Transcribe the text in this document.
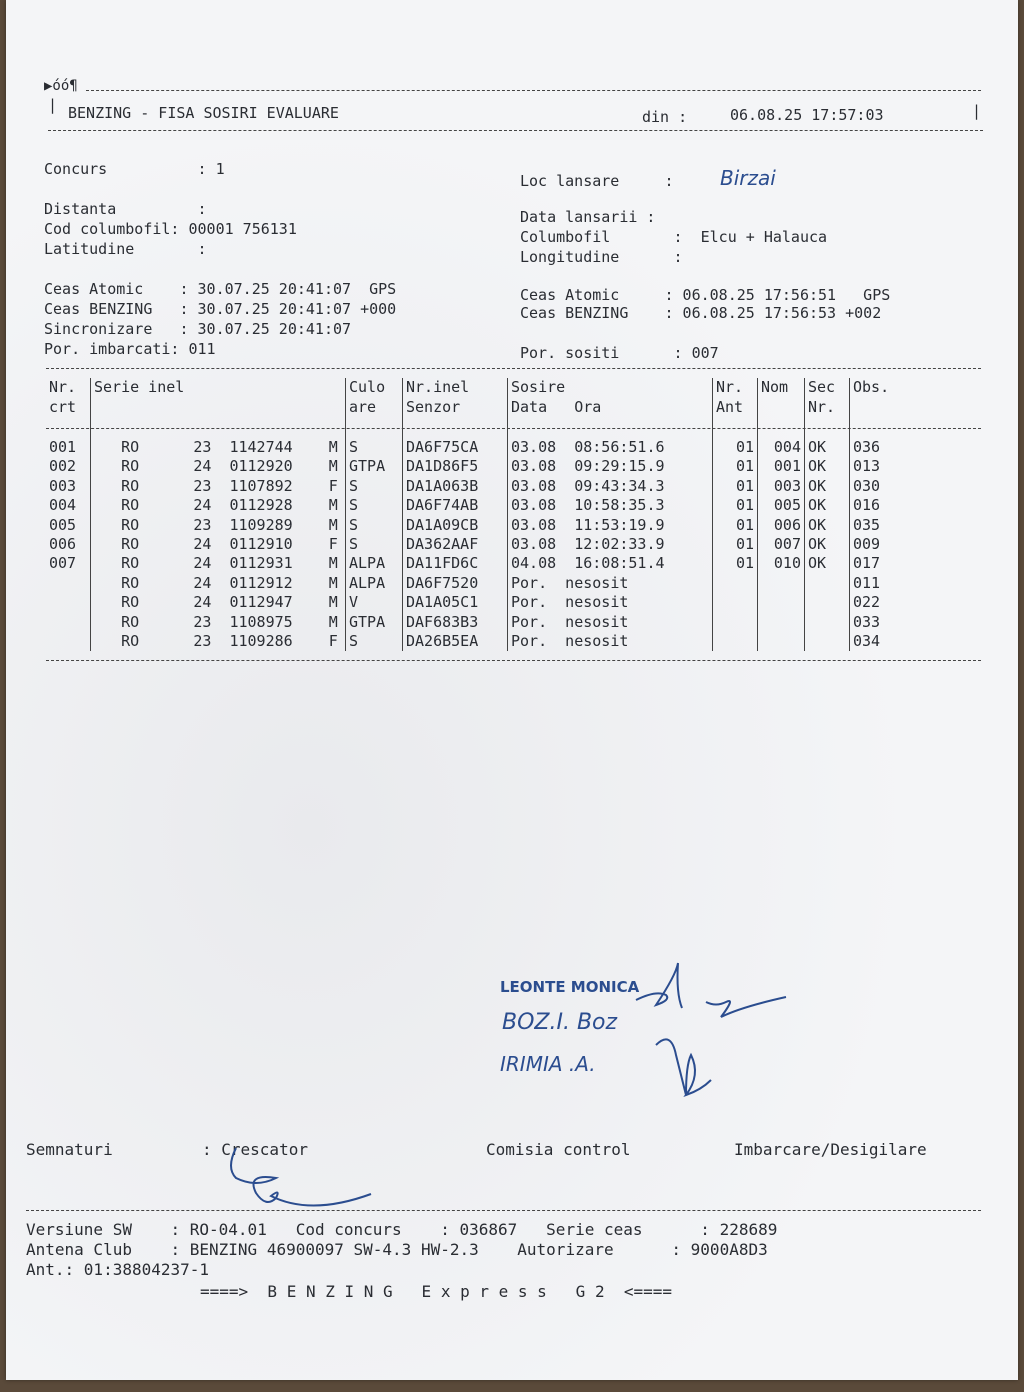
▶óó¶
| BENZING - FISA SOSIRI EVALUARE	din :	06.08.25 17:57:03	|
Concurs          : 1
Distanta         :
Cod columbofil: 00001 756131
Latitudine       :
Ceas Atomic    : 30.07.25 20:41:07  GPS
Ceas BENZING   : 30.07.25 20:41:07 +000
Sincronizare   : 30.07.25 20:41:07
Por. imbarcati: 011
Loc lansare     : Birzai
Data lansarii :
Columbofil       :  Elcu + Halauca
Longitudine      :
Ceas Atomic     : 06.08.25 17:56:51   GPS
Ceas BENZING    : 06.08.25 17:56:53 +002
Por. sositi      : 007
Nr.	Serie inel	Culo	Nr.inel	Sosire	Nr.	Nom	Sec	Obs.
crt		are	Senzor	Data   Ora	Ant		Nr.	

001	RO      23  1142744    M	S	DA6F75CA	03.08  08:56:51.6	01	004	OK	036
002	RO      24  0112920    M	GTPA	DA1D86F5	03.08  09:29:15.9	01	001	OK	013
003	RO      23  1107892    F	S	DA1A063B	03.08  09:43:34.3	01	003	OK	030
004	RO      24  0112928    M	S	DA6F74AB	03.08  10:58:35.3	01	005	OK	016
005	RO      23  1109289    M	S	DA1A09CB	03.08  11:53:19.9	01	006	OK	035
006	RO      24  0112910    F	S	DA362AAF	03.08  12:02:33.9	01	007	OK	009
007	RO      24  0112931    M	ALPA	DA11FD6C	04.08  16:08:51.4	01	010	OK	017
	RO      24  0112912    M	ALPA	DA6F7520	Por.  nesosit				011
	RO      24  0112947    M	V	DA1A05C1	Por.  nesosit				022
	RO      23  1108975    M	GTPA	DAF683B3	Por.  nesosit				033
	RO      23  1109286    F	S	DA26B5EA	Por.  nesosit				034
LEONTE MONICA
BOZ.I. Boz
IRIMIA .A.
Semnaturi	: Crescator	Comisia control	Imbarcare/Desigilare
Versiune SW    : RO-04.01   Cod concurs    : 036867   Serie ceas      : 228689
Antena Club    : BENZING 46900097 SW-4.3 HW-2.3    Autorizare      : 9000A8D3
Ant.: 01:38804237-1
====>  B E N Z I N G   E x p r e s s   G 2  <====
